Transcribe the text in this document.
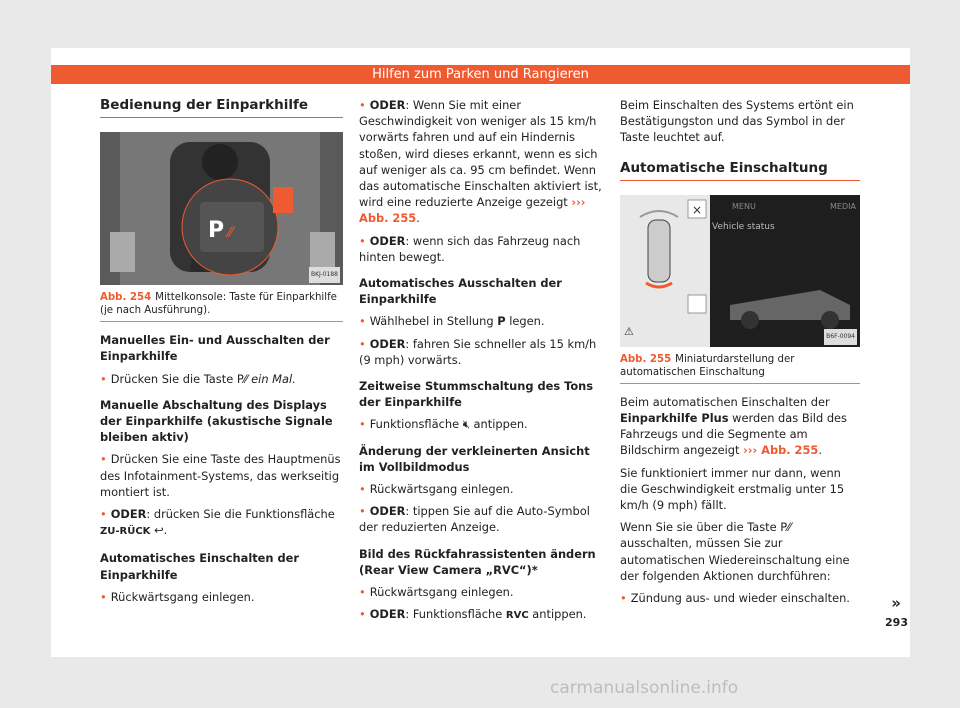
Hilfen zum Parken und Rangieren
Bedienung der Einparkhilfe
P ⁄⁄
BKJ-0188

Abb. 254 Mittelkonsole: Taste für Einparkhilfe (je nach Ausführung).

Manuelles Ein- und Ausschalten der Einparkhilfe

• Drücken Sie die Taste P⁄⁄ ein Mal.

Manuelle Abschaltung des Displays der Einparkhilfe (akustische Signale bleiben aktiv)

• Drücken Sie eine Taste des Hauptmenüs des Infotainment-Systems, das werkseitig montiert ist.

• ODER: drücken Sie die Funktionsfläche ZU-RÜCK ↩.

Automatisches Einschalten der Einparkhilfe

• Rückwärtsgang einlegen.

• ODER: Wenn Sie mit einer Geschwindigkeit von weniger als 15 km/h vorwärts fahren und auf ein Hindernis stoßen, wird dieses erkannt, wenn es sich auf weniger als ca. 95 cm befindet. Wenn das automatische Einschalten aktiviert ist, wird eine reduzierte Anzeige gezeigt ››› Abb. 255.

• ODER: wenn sich das Fahrzeug nach hinten bewegt.

Automatisches Ausschalten der Einparkhilfe

• Wählhebel in Stellung P legen.

• ODER: fahren Sie schneller als 15 km/h (9 mph) vorwärts.

Zeitweise Stummschaltung des Tons der Einparkhilfe

• Funktionsfläche 🔇︎ antippen.

Änderung der verkleinerten Ansicht im Vollbildmodus

• Rückwärtsgang einlegen.

• ODER: tippen Sie auf die Auto-Symbol der reduzierten Anzeige.

Bild des Rückfahrassistenten ändern (Rear View Camera „RVC“)*

• Rückwärtsgang einlegen.

• ODER: Funktionsfläche RVC antippen.

Beim Einschalten des Systems ertönt ein Bestätigungston und das Symbol in der Taste leuchtet auf.

Automatische Einschaltung
×
⚠
MENU	MEDIA
Vehicle status
B6F-0094

Abb. 255 Miniaturdarstellung der automatischen Einschaltung

Beim automatischen Einschalten der Einparkhilfe Plus werden das Bild des Fahrzeugs und die Segmente am Bildschirm angezeigt ››› Abb. 255.

Sie funktioniert immer nur dann, wenn die Geschwindigkeit erstmalig unter 15 km/h (9 mph) fällt.

Wenn Sie sie über die Taste P⁄⁄ ausschalten, müssen Sie zur automatischen Wiedereinschaltung eine der folgenden Aktionen durchführen:

• Zündung aus- und wieder einschalten.	»
293
carmanualsonline.info
